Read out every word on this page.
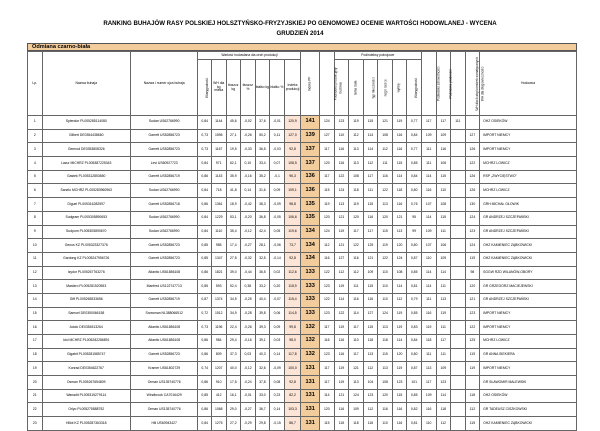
RANKING BUHAJÓW RASY POLSKIEJ HOLSZTYŃSKO-FRYZYJSKIEJ PO GENOMOWEJ OCENIE WARTOŚCI HODOWLANEJ - WYCENA
GRUDZIEŃ 2014
Odmiana czarno-biała
Lp.	Nazwa buhaja	Nazwa i numer ojca buhaja	Wartość hodowlana dla cech produkcji							Indeks PF	Podindeks produkcyjny	Podindeksy pokrojowe						Podindeks zdrowotności	Podindeks płodności	WH dla liczby komórek somatycznych	WH dla długowieczności	Hodowca
			Wiarygodność	WH dla kg mleka	tłuszcz kg	tłuszcz %	białko kg	białko %	Indeks produkcji			budowa	rama ciała	typ mleczności	nogi i racice	wymię	Wiarygodność					
1	Splendor PL005285114080	Sudan US62766990	0,84	1144	45,6	-0,02	37,6	-0,01	120,9	141	124	123	119	115	121	119	0,77	117	117	111		OHZ OSIEKÓW
2	Gilbert DE0354438660	Garrett US52856723	0,73	1596	27,1	-0,26	50,2	0,11	127,0	139	127	110	112	114	108	116	0,84	109	109		127	IMPORT NIEMCY
3	Gemrod DE0353808326	Garrett US52856723	0,73	1167	19,5	-0,33	36,5	-0,03	92,8	137	117	116	113	114	112	116	0,77	111	116		126	IMPORT NIEMCY
4	Lazur MICHRZ PL005387225343	Levi US60927723	0,84	971	62,1	0,10	33,4	0,07	108,5	137	120	116	113	112	111	115	0,85	111	106		122	MCHRZ LOWICZ
5	Gastek PL005312853650	Garrett US52856719	0,86	1143	35,9	-0,16	35,2	-0,1	96,3	136	117	122	108	117	116	114	0,84	114	115		126	RSP „ZWYCIĘSTWO”
6	Sanelo MCHRZ PL005283960963	Sudan US62766990	0,84	718	41,8	0,14	31,6	0,09	109,1	136	115	124	118	111	122	118	0,80	116	110		126	MCHRZ LOWICZ
7	Diguel PL005316282597	Garrett US52856718	0,86	1361	18,9	-0,42	38,3	-0,09	98,8	135	119	113	119	115	113	116	0,76	107	108		130	GRH MICHAŁ GŁOWIK
8	Sudgram PL005305890653	Sudan US62766990	0,84	1229	53,1	-0,20	36,8	-0,05	106,6	135	120	121	120	116	120	121	95	114	115		124	GR ANDRZEJ SZCZEPAŃSKI
9	Sudpom PL005305890670	Sudan US62766990	0,84	1110	35,4	-0,12	42,4	0,05	119,6	134	124	119	117	117	115	113	99	109	111		123	GR ANDRZEJ SZCZEPAŃSKI
10	Genus KZ PL005323327376	Garrett US52856723	0,85	985	17,4	-0,27	28,1	-0,06	73,7	134	112	121	122	125	119	120	0,80	107	106		124	OHZ KAMIENIEC ZĄBKOWICKI
11	Gardong KZ PL005247956726	Garrett US52856723	0,85	1347	27,5	-0,32	32,5	-0,14	92,8	134	116	127	116	121	122	124	0,87	110	109		119	OHZ KAMIENIEC ZĄBKOWICKI
12	Izydor PL005267763276	Atlantic US61886108	0,86	1821	39,0	-0,44	36,5	0,02	112,6	133	122	112	112	109	110	108	0,85	114	114		98	SGGW RZD WILANÓW-OBORY
13	Mastero PL005281520553	Manfred US122747713	0,85	593	52,4	0,38	33,2	0,20	118,9	133	123	119	111	115	110	114	0,81	114	111		120	GR GRZEGORZ MACIEJEWSKI
14	Giff PL005265533656	Garrett US52856719	0,87	1374	34,5	-0,25	40,4	-0,07	115,4	133	122	114	116	116	110	112	0,79	111	113		121	GR ANDRZEJ SZCZEPAŃSKI
15	Samuel DE0350066158	Snowman NL388066512	0,72	1512	34,9	-0,28	39,8	0,06	114,5	133	123	122	114	127	124	119	0,85	116	119		123	IMPORT NIEMCY
16	Adolo DE0354513264	Atlantic US61886108	0,73	1196	22,4	-0,26	39,3	0,09	99,8	132	117	119	117	115	113	119	0,83	119	111		122	IMPORT NIEMCY
17	Idol MCHRZ PL005282286891	Atlantic US61886108	0,86	984	29,4	-0,16	39,1	0,03	98,0	132	116	116	110	118	118	114	0,84	118	117		125	MCHRZ LOWICZ
18	Gigabit PL005281585747	Garrett US52856723	0,86	809	37,3	0,03	40,3	0,14	117,8	132	123	116	117	113	115	120	0,80	111	111		119	GR ANNA SIEKIERA
19	Konrad DE0354622767	Kramer US61802729	0,74	1207	40,0	-0,12	32,6	-0,09	100,0	131	117	119	121	112	113	119	0,87	113	109		119	IMPORT NIEMCY
20	Osman PL005267654809	Orman US135740776	0,86	910	17,5	-0,24	37,8	0,08	92,8	131	117	119	113	104	108	123	101	117	123			GR SŁAWOMIR MALEWSKI
21	Wanadit PL005315279114	Windbrook CA7016429	0,85	412	16,1	-0,01	33,0	0,23	82,2	131	114	121	124	123	120	115	0,85	109	114		118	OHZ OSIEKÓW
22	Orlyo PL005275888752	Orman US135740776	0,86	1068	29,0	-0,27	36,7	0,14	103,3	131	120	116	109	112	116	116	0,82	116	118		112	GR TADEUSZ CISZKOWSKI
23	Hillot KZ PL005287363318	Hill US60943427	0,84	1275	27,2	-0,29	29,8	-0,15	86,7	131	115	115	118	116	110	116	0,81	110	112		115	OHZ KAMIENIEC ZĄBKOWICKI
